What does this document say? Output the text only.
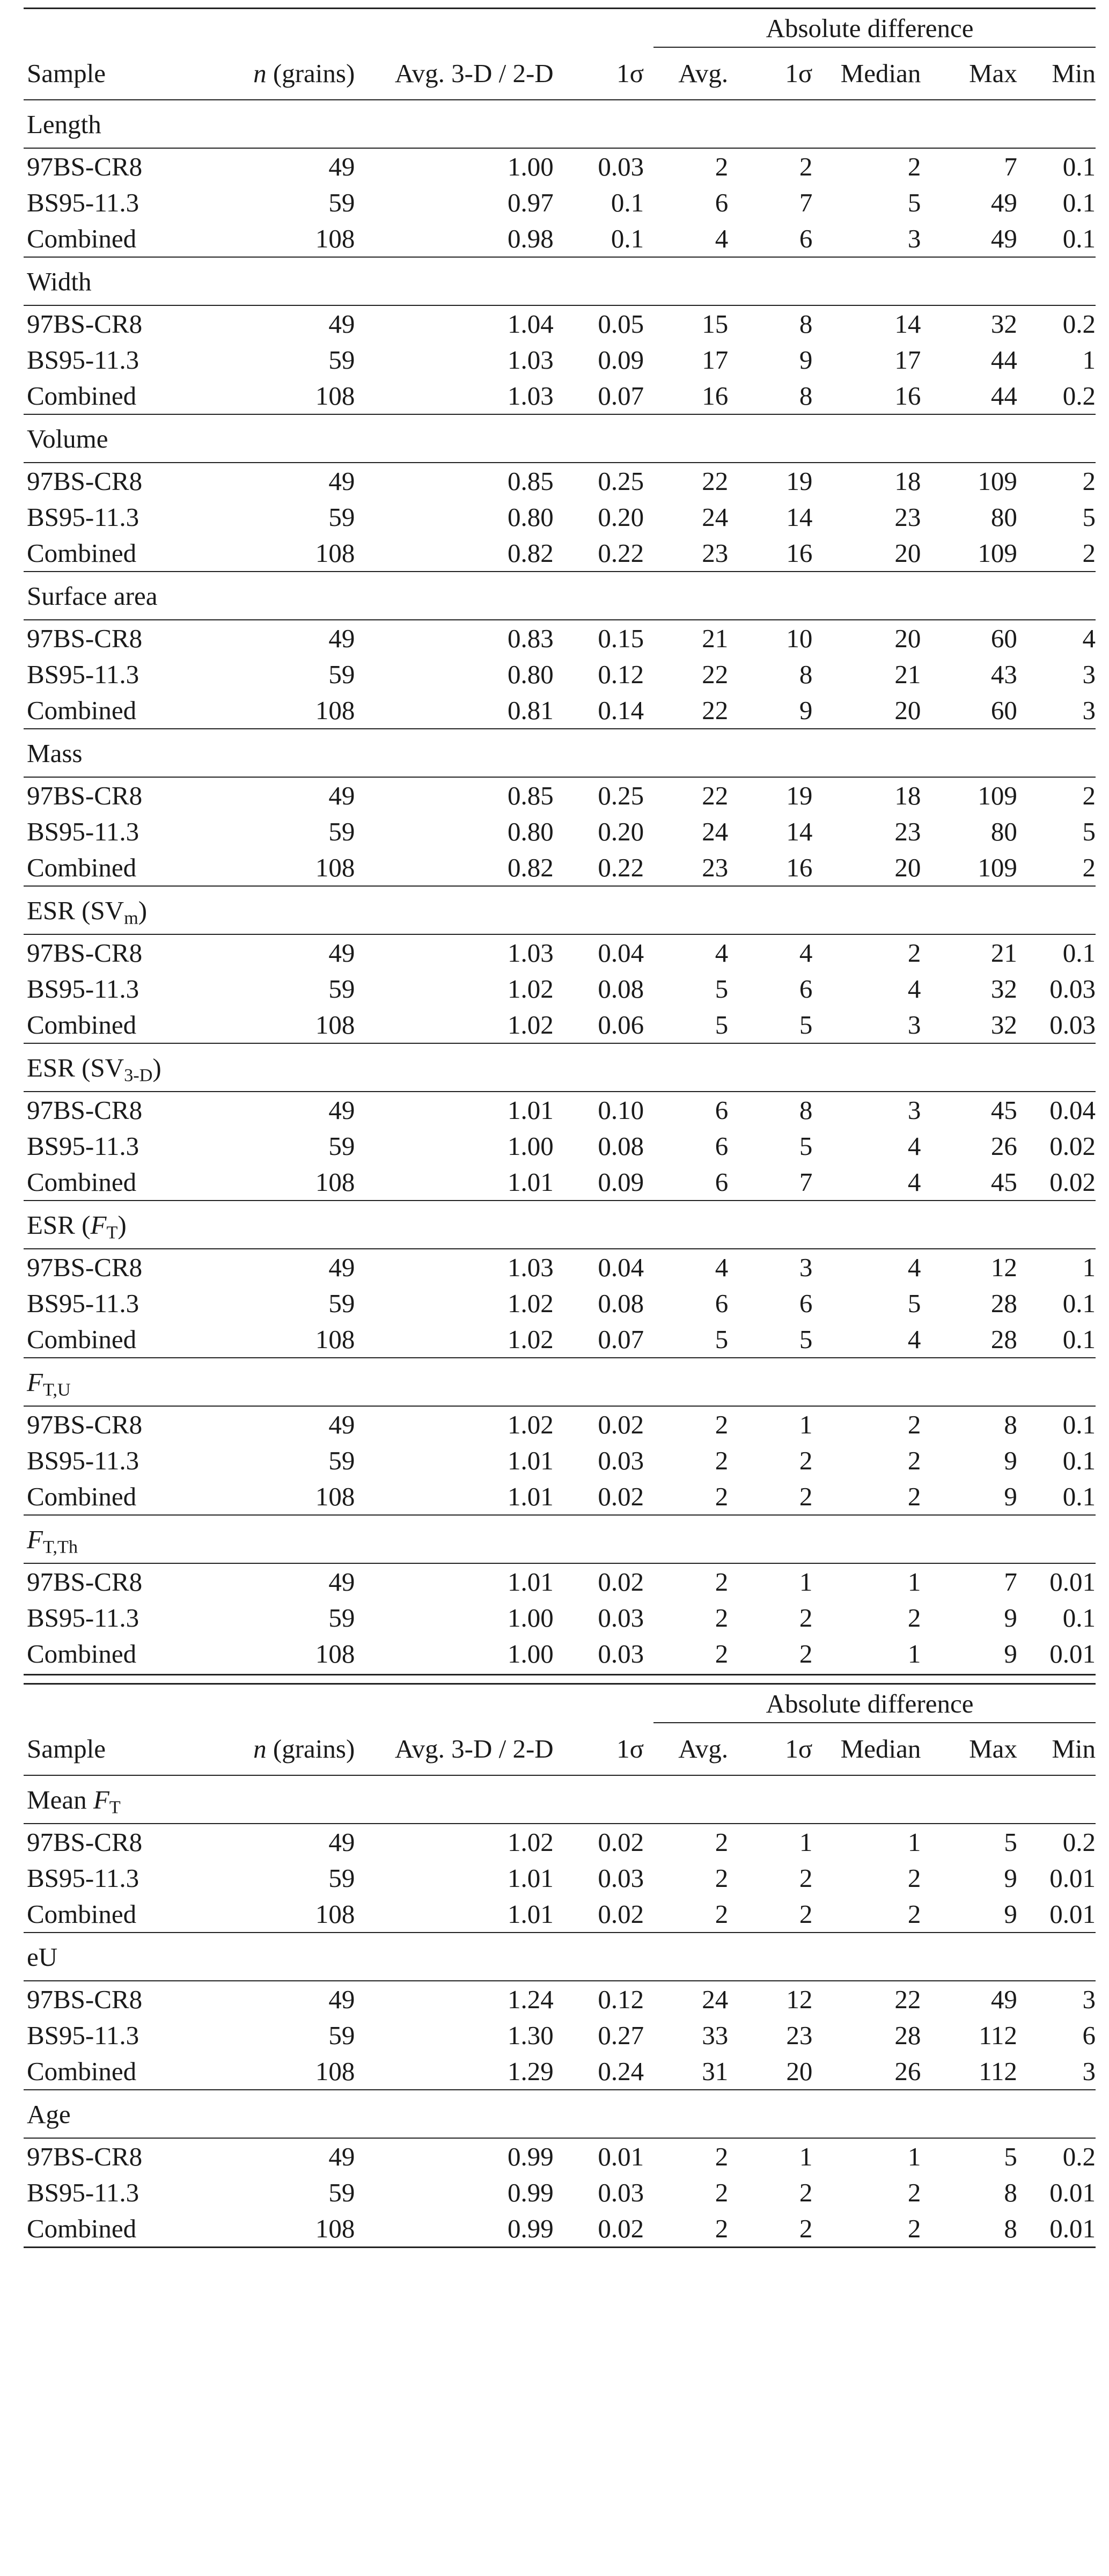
				Absolute difference				

Sample	n (grains)	Avg. 3-D / 2-D	1σ	Avg.	1σ	Median	Max	Min
Length								
97BS-CR8	49	1.00	0.03	2	2	2	7	0.1
BS95-11.3	59	0.97	0.1	6	7	5	49	0.1
Combined	108	0.98	0.1	4	6	3	49	0.1
Width								
97BS-CR8	49	1.04	0.05	15	8	14	32	0.2
BS95-11.3	59	1.03	0.09	17	9	17	44	1
Combined	108	1.03	0.07	16	8	16	44	0.2
Volume								
97BS-CR8	49	0.85	0.25	22	19	18	109	2
BS95-11.3	59	0.80	0.20	24	14	23	80	5
Combined	108	0.82	0.22	23	16	20	109	2
Surface area								
97BS-CR8	49	0.83	0.15	21	10	20	60	4
BS95-11.3	59	0.80	0.12	22	8	21	43	3
Combined	108	0.81	0.14	22	9	20	60	3
Mass								
97BS-CR8	49	0.85	0.25	22	19	18	109	2
BS95-11.3	59	0.80	0.20	24	14	23	80	5
Combined	108	0.82	0.22	23	16	20	109	2
ESR $(SV_m)$								
97BS-CR8	49	1.03	0.04	4	4	2	21	0.1
BS95-11.3	59	1.02	0.08	5	6	4	32	0.03
Combined	108	1.02	0.06	5	5	3	32	0.03
ESR $(SV_{3-D})$								
97BS-CR8	49	1.01	0.10	6	8	3	45	0.04
BS95-11.3	59	1.00	0.08	6	5	4	26	0.02
Combined	108	1.01	0.09	6	7	4	45	0.02
ESR $(F_T)$								
97BS-CR8	49	1.03	0.04	4	3	4	12	1
BS95-11.3	59	1.02	0.08	6	6	5	28	0.1
Combined	108	1.02	0.07	5	5	4	28	0.1
$F_{T,U}$
97BS-CR8	49	1.02	0.02	2	1	2	8	0.1
BS95-11.3	59	1.01	0.03	2	2	2	9	0.1
Combined	108	1.01	0.02	2	2	2	9	0.1
$F_{T,Th}$
97BS-CR8	49	1.01	0.02	2	1	1	7	0.01
BS95-11.3	59	1.00	0.03	2	2	2	9	0.1
Combined	108	1.00	0.03	2	2	1	9	0.01
				Absolute difference				

Sample	n (grains)	Avg. 3-D / 2-D	1σ	Avg.	1σ	Median	Max	Min
Mean $F_T$
97BS-CR8	49	1.02	0.02	2	1	1	5	0.2
BS95-11.3	59	1.01	0.03	2	2	2	9	0.01
Combined	108	1.01	0.02	2	2	2	9	0.01
eU								
97BS-CR8	49	1.24	0.12	24	12	22	49	3
BS95-11.3	59	1.30	0.27	33	23	28	112	6
Combined	108	1.29	0.24	31	20	26	112	3
Age								
97BS-CR8	49	0.99	0.01	2	1	1	5	0.2
BS95-11.3	59	0.99	0.03	2	2	2	8	0.01
Combined	108	0.99	0.02	2	2	2	8	0.01
